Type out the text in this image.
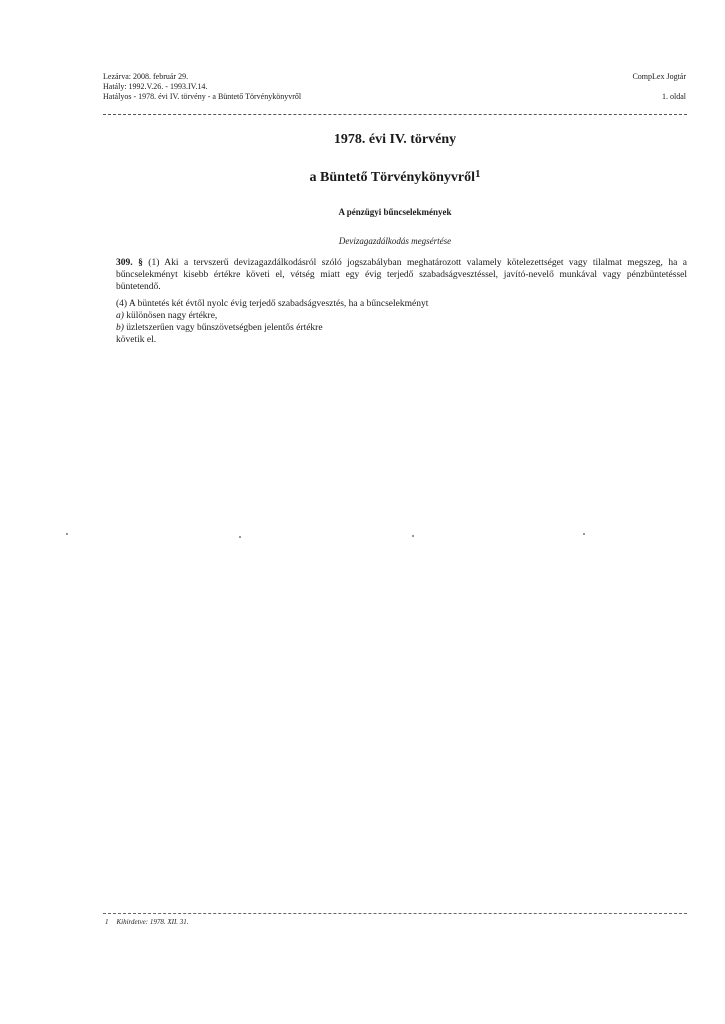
Lezárva: 2008. február 29.
Hatály: 1992.V.26. - 1993.IV.14.
Hatályos - 1978. évi IV. törvény - a Büntető Törvénykönyvről
CompLex Jogtár
1. oldal
1978. évi IV. törvény
a Büntető Törvénykönyvről$^1$
A pénzügyi bűncselekmények
Devizagazdálkodás megsértése
309. § (1) Aki a tervszerű devizagazdálkodásról szóló jogszabályban meghatározott valamely kötelezettséget vagy tilalmat megszeg, ha a bűncselekményt kisebb értékre követi el, vétség miatt egy évig terjedő szabadságvesztéssel, javító-nevelő munkával vagy pénzbüntetéssel büntetendő.
(4) A büntetés két évtől nyolc évig terjedő szabadságvesztés, ha a bűncselekményt
a) különösen nagy értékre,
b) üzletszerűen vagy bűnszövetségben jelentős értékre
követik el.
1 Kihirdetve: 1978. XII. 31.
